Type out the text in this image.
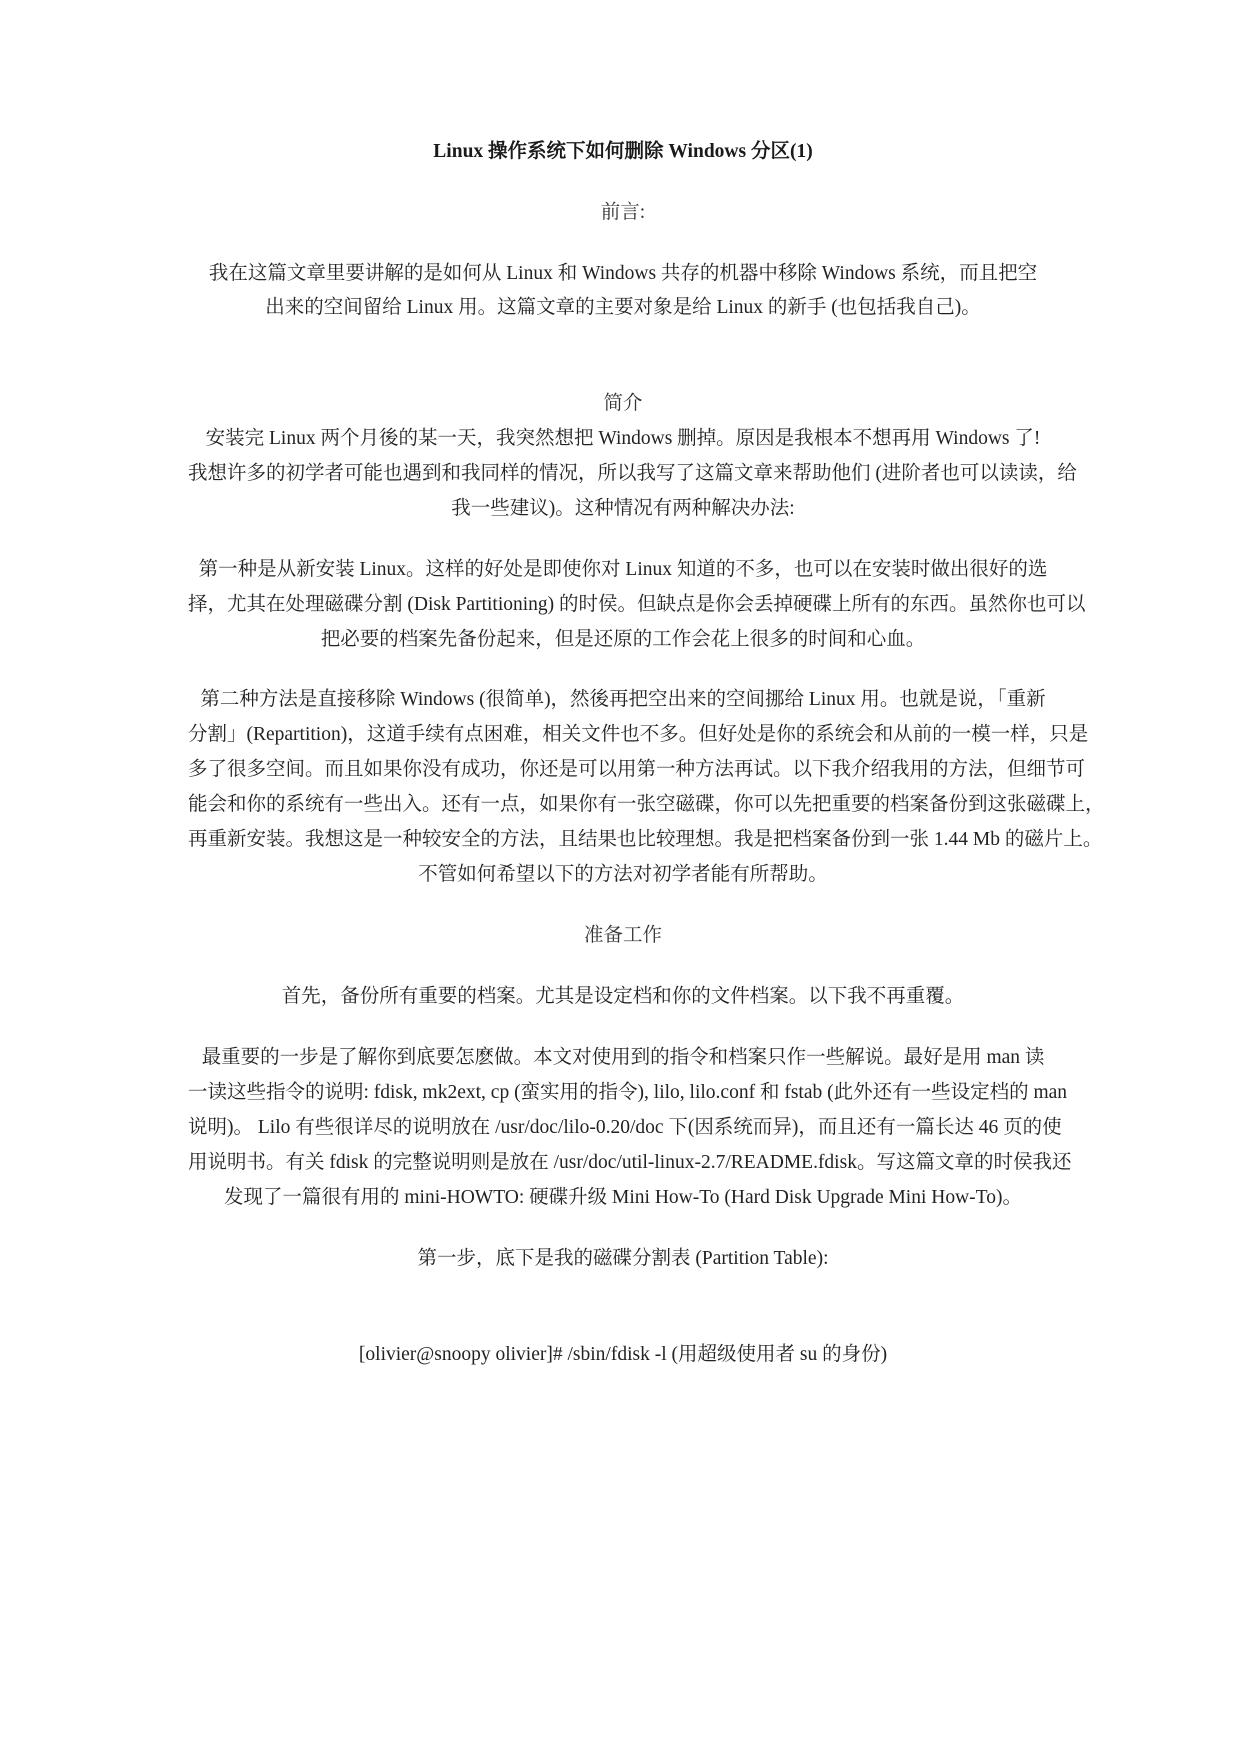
Linux 操作系统下如何删除 Windows 分区(1)
前言:
我在这篇文章里要讲解的是如何从 Linux 和 Windows 共存的机器中移除 Windows 系统，而且把空
出来的空间留给 Linux 用。这篇文章的主要对象是给 Linux 的新手 (也包括我自己)。
简介
安装完 Linux 两个月後的某一天，我突然想把 Windows 删掉。原因是我根本不想再用 Windows 了!
我想许多的初学者可能也遇到和我同样的情况，所以我写了这篇文章来帮助他们 (进阶者也可以读读，给
我一些建议)。这种情况有两种解决办法:
第一种是从新安装 Linux。这样的好处是即使你对 Linux 知道的不多，也可以在安装时做出很好的选
择，尤其在处理磁碟分割 (Disk Partitioning) 的时侯。但缺点是你会丢掉硬碟上所有的东西。虽然你也可以
把必要的档案先备份起来，但是还原的工作会花上很多的时间和心血。
第二种方法是直接移除 Windows (很简单)，然後再把空出来的空间挪给 Linux 用。也就是说，「重新
分割」(Repartition)，这道手续有点困难，相关文件也不多。但好处是你的系统会和从前的一模一样，只是
多了很多空间。而且如果你没有成功，你还是可以用第一种方法再试。以下我介绍我用的方法，但细节可
能会和你的系统有一些出入。还有一点，如果你有一张空磁碟，你可以先把重要的档案备份到这张磁碟上，
再重新安装。我想这是一种较安全的方法，且结果也比较理想。我是把档案备份到一张 1.44 Mb 的磁片上。
不管如何希望以下的方法对初学者能有所帮助。
准备工作
首先，备份所有重要的档案。尤其是设定档和你的文件档案。以下我不再重覆。
最重要的一步是了解你到底要怎麽做。本文对使用到的指令和档案只作一些解说。最好是用 man 读
一读这些指令的说明: fdisk, mk2ext, cp (蛮实用的指令), lilo, lilo.conf 和 fstab (此外还有一些设定档的 man
说明)。 Lilo 有些很详尽的说明放在 /usr/doc/lilo-0.20/doc 下(因系统而异)，而且还有一篇长达 46 页的使
用说明书。有关 fdisk 的完整说明则是放在 /usr/doc/util-linux-2.7/README.fdisk。写这篇文章的时侯我还
发现了一篇很有用的 mini-HOWTO: 硬碟升级 Mini How-To (Hard Disk Upgrade Mini How-To)。
第一步，底下是我的磁碟分割表 (Partition Table):
[olivier@snoopy olivier]# /sbin/fdisk -l (用超级使用者 su 的身份)
